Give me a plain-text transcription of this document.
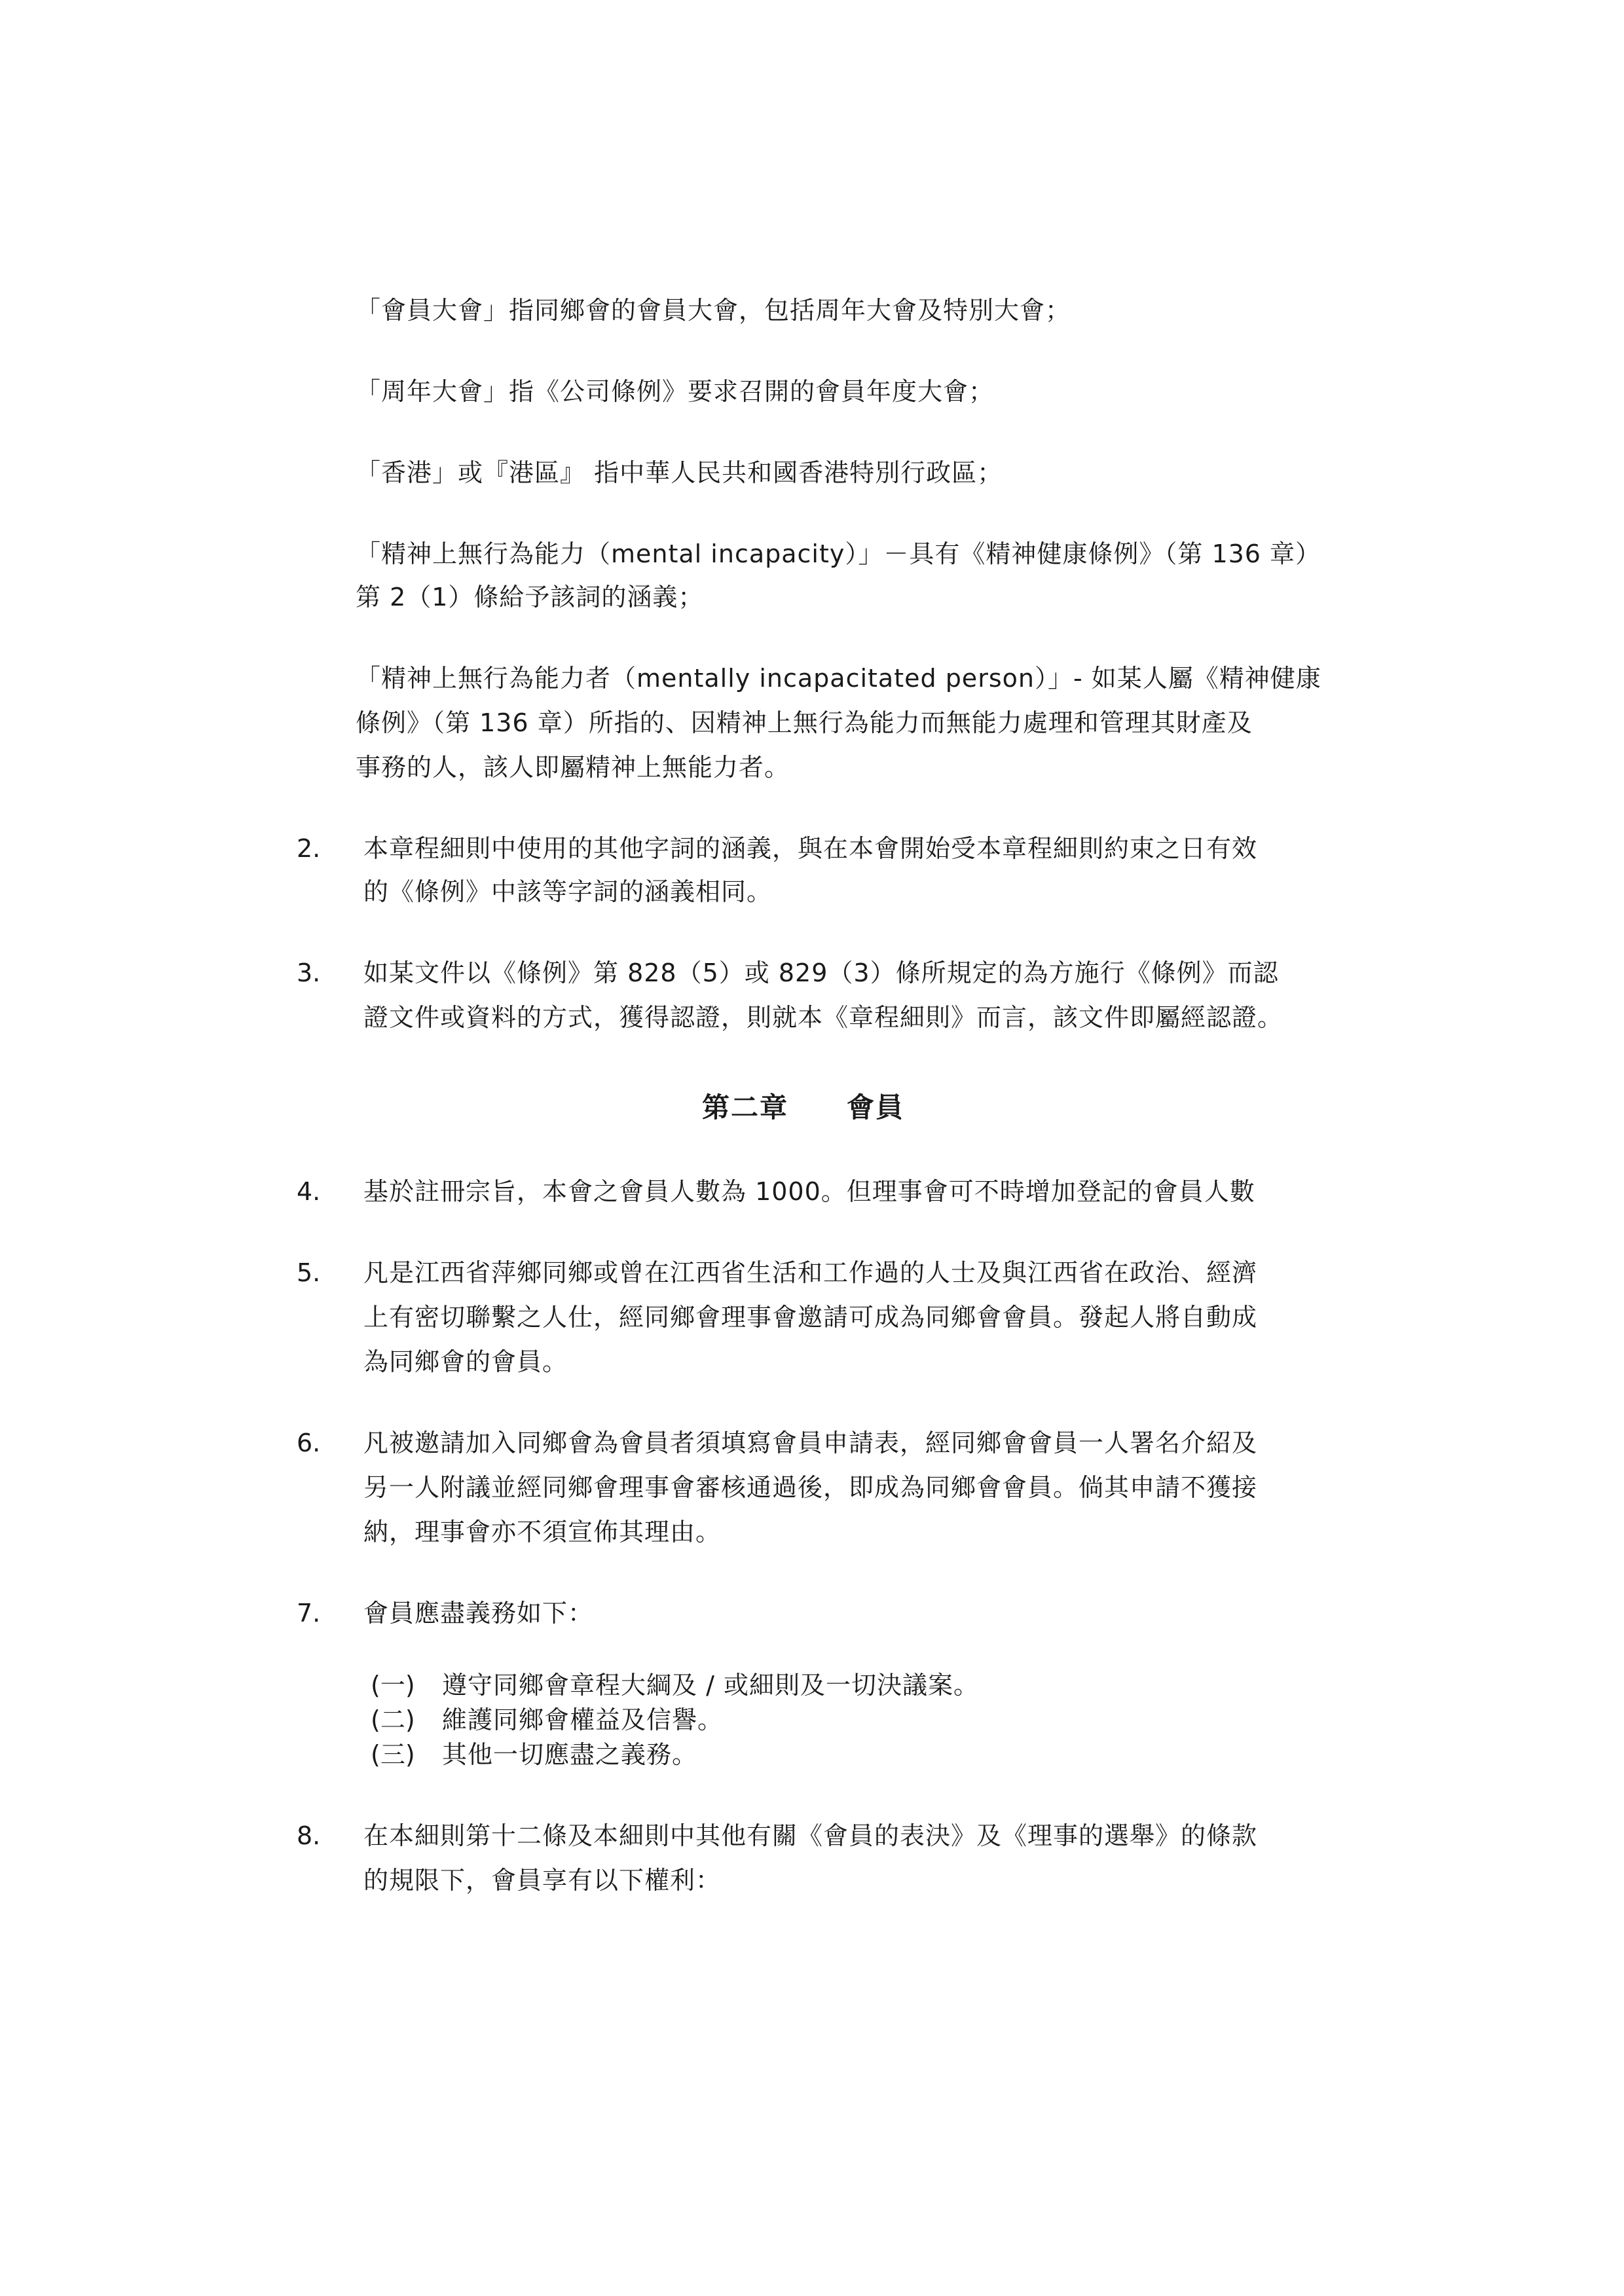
「會員大會」指同鄉會的會員大會，包括周年大會及特別大會；
「周年大會」指《公司條例》要求召開的會員年度大會；
「香港」或『港區』 指中華人民共和國香港特別行政區；
「精神上無行為能力（mental incapacity）」－具有《精神健康條例》（第 136 章）
第 2（1）條給予該詞的涵義；
「精神上無行為能力者（mentally incapacitated person）」- 如某人屬《精神健康
條例》（第 136 章）所指的、因精神上無行為能力而無能力處理和管理其財產及
事務的人，該人即屬精神上無能力者。
2. 本章程細則中使用的其他字詞的涵義，與在本會開始受本章程細則約束之日有效
的《條例》中該等字詞的涵義相同。
3. 如某文件以《條例》第 828（5）或 829（3）條所規定的為方施行《條例》而認
證文件或資料的方式，獲得認證，則就本《章程細則》而言，該文件即屬經認證。
第二章 會員
4. 基於註冊宗旨，本會之會員人數為 1000。但理事會可不時增加登記的會員人數
5. 凡是江西省萍鄉同鄉或曾在江西省生活和工作過的人士及與江西省在政治、經濟
上有密切聯繫之人仕，經同鄉會理事會邀請可成為同鄉會會員。發起人將自動成
為同鄉會的會員。
6. 凡被邀請加入同鄉會為會員者須填寫會員申請表，經同鄉會會員一人署名介紹及
另一人附議並經同鄉會理事會審核通過後，即成為同鄉會會員。倘其申請不獲接
納，理事會亦不須宣佈其理由。
7. 會員應盡義務如下：
(一) 遵守同鄉會章程大綱及 / 或細則及一切決議案。
(二) 維護同鄉會權益及信譽。
(三) 其他一切應盡之義務。
8. 在本細則第十二條及本細則中其他有關《會員的表決》及《理事的選舉》的條款
的規限下，會員享有以下權利：
